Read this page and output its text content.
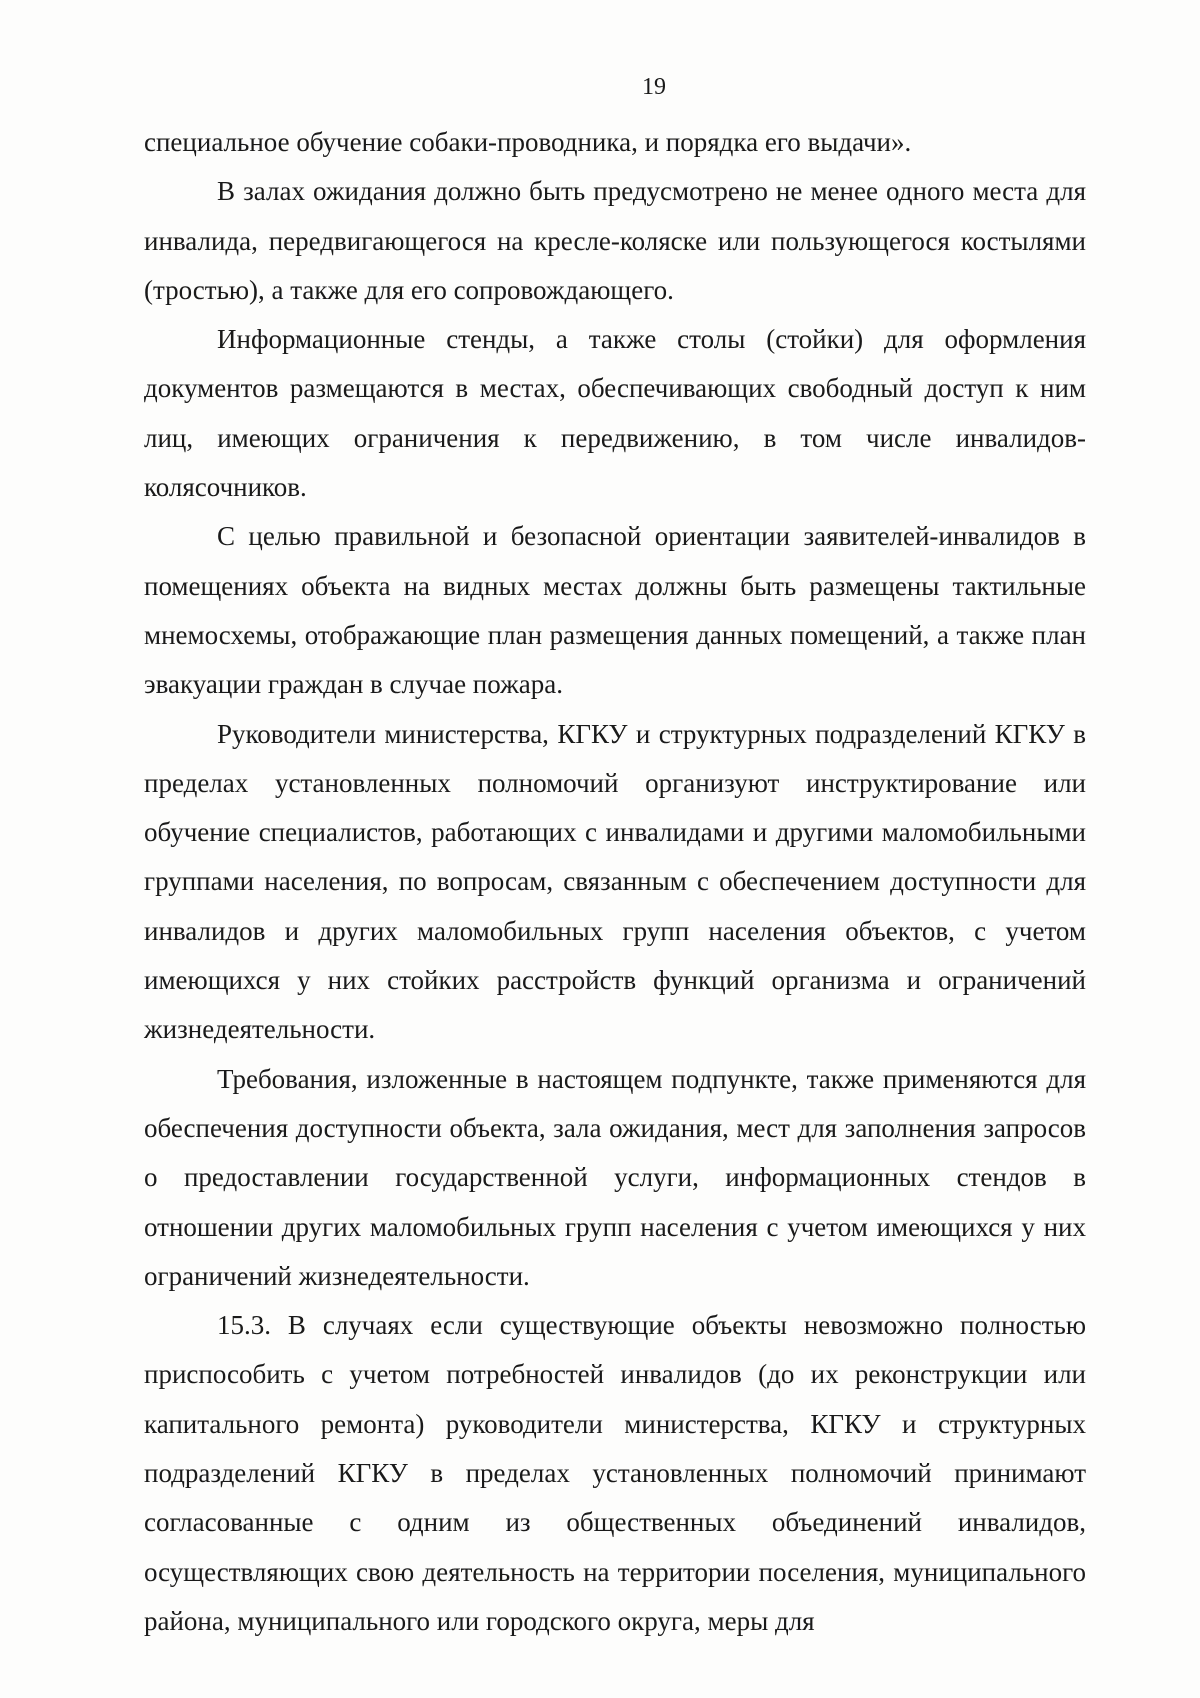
19

специальное обучение собаки-проводника, и порядка его выдачи».

В залах ожидания должно быть предусмотрено не менее одного места для инвалида, передвигающегося на кресле-коляске или пользующегося костылями (тростью), а также для его сопровождающего.

Информационные стенды, а также столы (стойки) для оформления документов размещаются в местах, обеспечивающих свободный доступ к ним лиц, имеющих ограничения к передвижению, в том числе инвалидов-колясочников.

С целью правильной и безопасной ориентации заявителей-инвалидов в помещениях объекта на видных местах должны быть размещены тактильные мнемосхемы, отображающие план размещения данных помещений, а также план эвакуации граждан в случае пожара.

Руководители министерства, КГКУ и структурных подразделений КГКУ в пределах установленных полномочий организуют инструктирование или обучение специалистов, работающих с инвалидами и другими маломобильными группами населения, по вопросам, связанным с обеспечением доступности для инвалидов и других маломобильных групп населения объектов, с учетом имеющихся у них стойких расстройств функций организма и ограничений жизнедеятельности.

Требования, изложенные в настоящем подпункте, также применяются для обеспечения доступности объекта, зала ожидания, мест для заполнения запросов о предоставлении государственной услуги, информационных стендов в отношении других маломобильных групп населения с учетом имеющихся у них ограничений жизнедеятельности.

15.3. В случаях если существующие объекты невозможно полностью приспособить с учетом потребностей инвалидов (до их реконструкции или капитального ремонта) руководители министерства, КГКУ и структурных подразделений КГКУ в пределах установленных полномочий принимают согласованные с одним из общественных объединений инвалидов, осуществляющих свою деятельность на территории поселения, муниципального района, муниципального или городского округа, меры для
